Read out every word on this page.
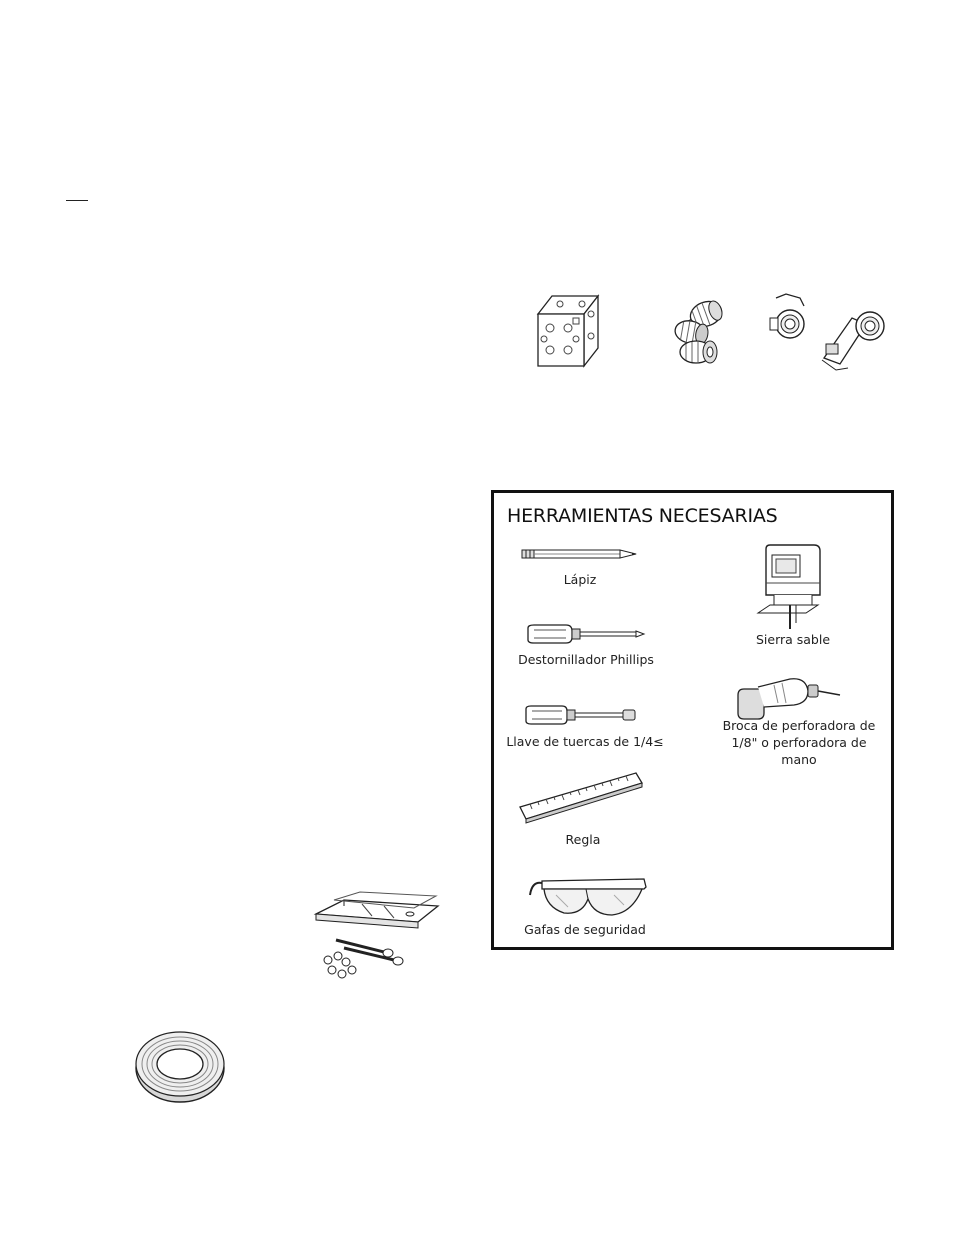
HERRAMIENTAS NECESARIAS
Lápiz
Destornillador Phillips
Llave de tuercas de 1/4≤
Regla
Gafas de seguridad
Sierra sable
Broca de perforadora de
1/8" o perforadora de
mano
